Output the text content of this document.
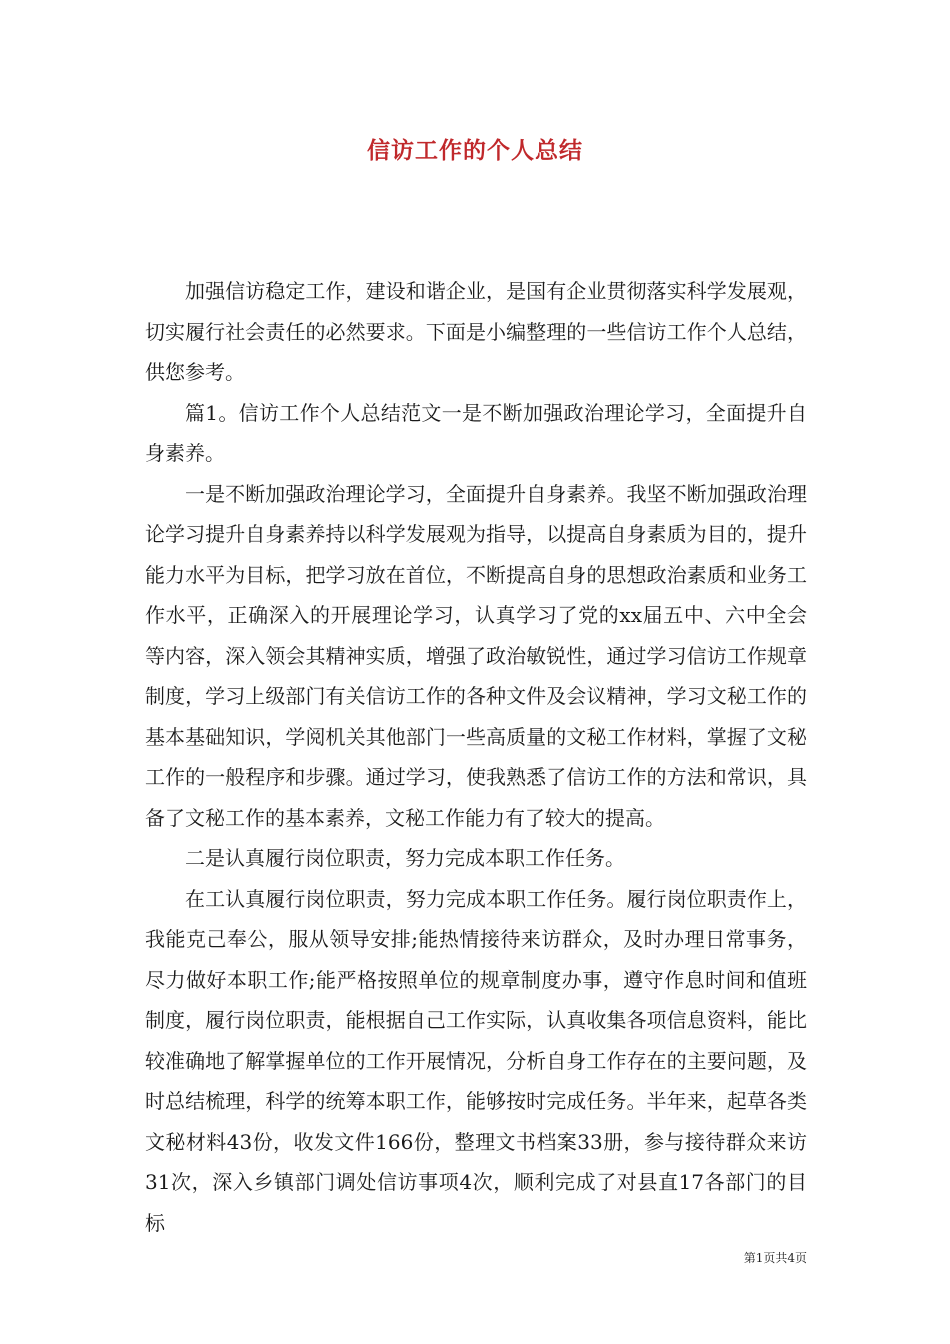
信访工作的个人总结

加强信访稳定工作，建设和谐企业，是国有企业贯彻落实科学发展观，切实履行社会责任的必然要求。下面是小编整理的一些信访工作个人总结，供您参考。

篇1。信访工作个人总结范文一是不断加强政治理论学习，全面提升自身素养。

一是不断加强政治理论学习，全面提升自身素养。我坚不断加强政治理论学习提升自身素养持以科学发展观为指导，以提高自身素质为目的，提升能力水平为目标，把学习放在首位，不断提高自身的思想政治素质和业务工作水平，正确深入的开展理论学习，认真学习了党的xx届五中、六中全会等内容，深入领会其精神实质，增强了政治敏锐性，通过学习信访工作规章制度，学习上级部门有关信访工作的各种文件及会议精神，学习文秘工作的基本基础知识，学阅机关其他部门一些高质量的文秘工作材料，掌握了文秘工作的一般程序和步骤。通过学习，使我熟悉了信访工作的方法和常识，具备了文秘工作的基本素养，文秘工作能力有了较大的提高。

二是认真履行岗位职责，努力完成本职工作任务。

在工认真履行岗位职责，努力完成本职工作任务。履行岗位职责作上，我能克己奉公，服从领导安排;能热情接待来访群众，及时办理日常事务，尽力做好本职工作;能严格按照单位的规章制度办事，遵守作息时间和值班制度，履行岗位职责，能根据自己工作实际，认真收集各项信息资料，能比较准确地了解掌握单位的工作开展情况，分析自身工作存在的主要问题，及时总结梳理，科学的统筹本职工作，能够按时完成任务。半年来，起草各类文秘材料43份，收发文件166份，整理文书档案33册，参与接待群众来访31次，深入乡镇部门调处信访事项4次，顺利完成了对县直17各部门的目标

第1页共4页
